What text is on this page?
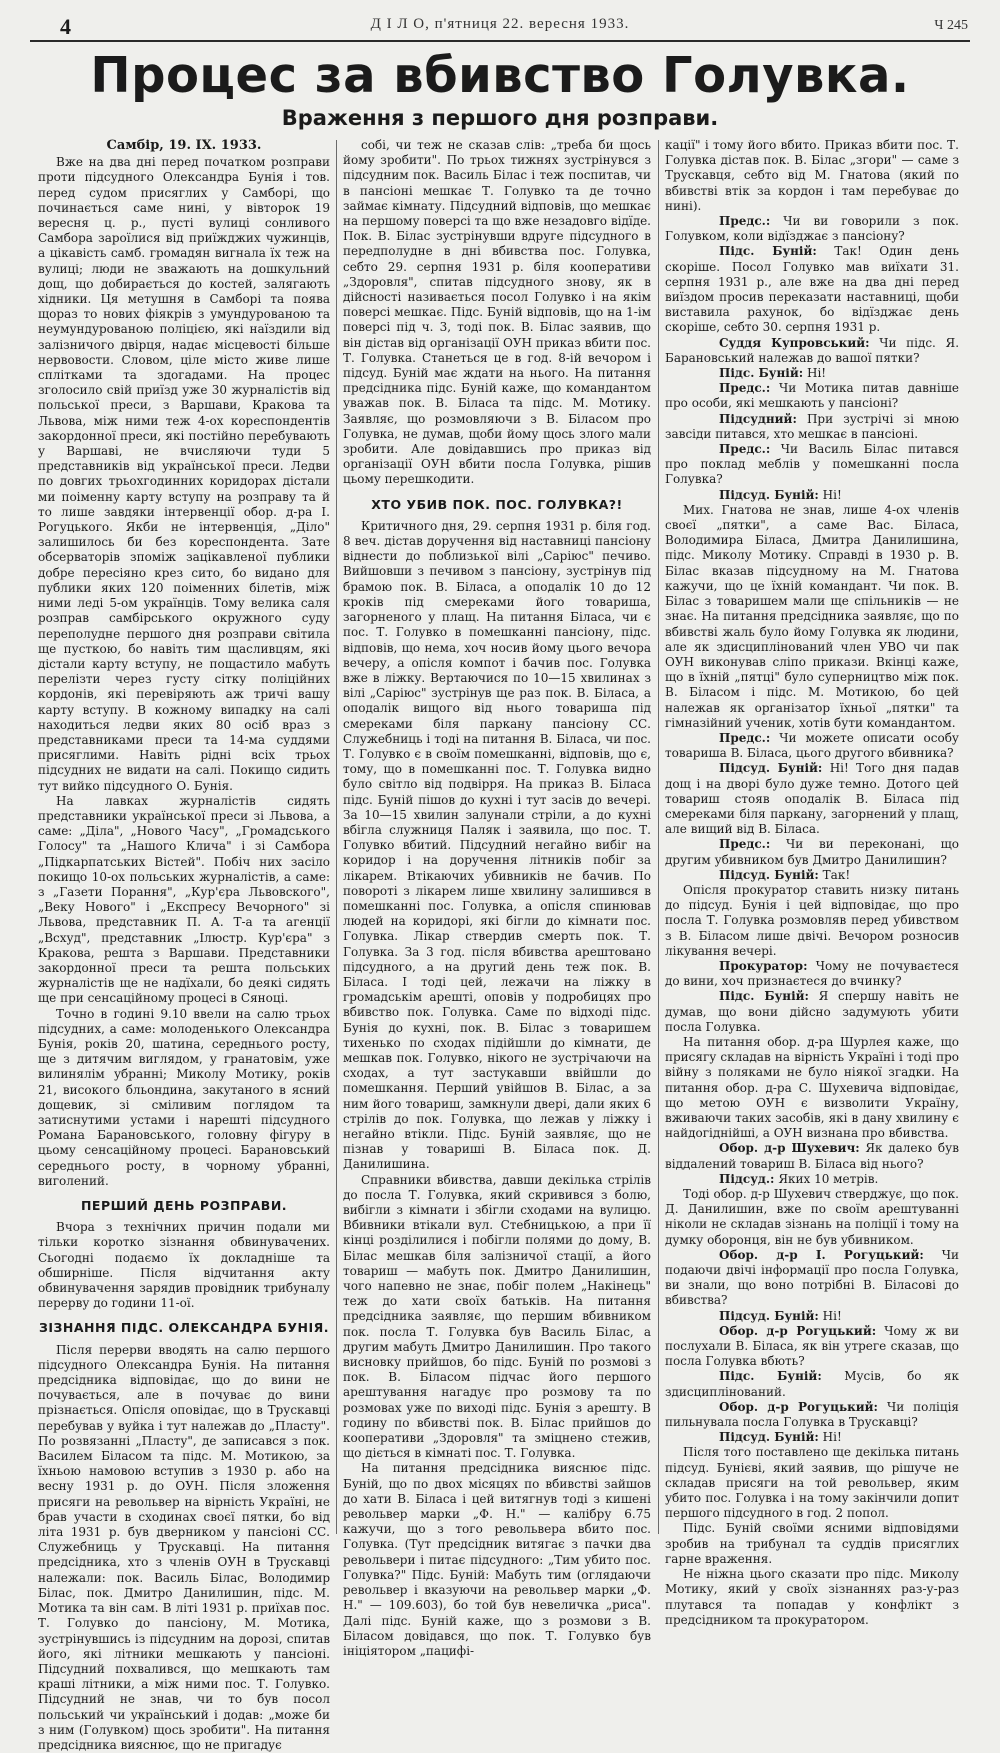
4	Д І Л О, п'ятниця 22. вересня 1933.	Ч 245
Процес за вбивство Голувка.
Враження з першого дня розправи.
Самбір, 19. IX. 1933.

Вже на два дні перед початком розправи проти підсудного Олександра Бунія і тов. перед судом присяглих у Самборі, що починається саме нині, у вівторок 19 вересня ц. р., пусті вулиці сонливого Самбора зароїлися від приїжджих чужинців, а цікавість самб. громадян вигнала їх теж на вулиці; люди не зважають на дошкульний дощ, що добирається до костей, залягають хідники. Ця метушня в Самборі та поява щораз то нових фіякрів з умундурованою та неумундурованою поліцією, які наїздили від залізничого двірця, надає місцевості більше нервовости. Словом, ціле місто живе лише сплітками та здогадами. На процес зголосило свій приїзд уже 30 журналістів від польської преси, з Варшави, Кракова та Львова, між ними теж 4-ох кореспондентів закордонної преси, які постійно перебувають у Варшаві, не вчисляючи туди 5 представників від української преси. Ледви по довгих трьохгодинних коридорах дістали ми поіменну карту вступу на розправу та й то лише завдяки інтервенції обор. д-ра І. Рогуцького. Якби не інтервенція, „Діло" залишилось би без кореспондента. Зате обсерваторів зпоміж зацікавленої публики добре пересіяно крез сито, бо видано для публики яких 120 поіменних білетів, між ними леді 5-ом українців. Тому велика саля розправ самбірського окружного суду переполудне першого дня розправи світила ще пусткою, бо навіть тим щасливцям, які дістали карту вступу, не пощастило мабуть перелізти через густу сітку поліційних кордонів, які перевіряють аж тричі вашу карту вступу. В кожному випадку на салі находиться ледви яких 80 осіб враз з представниками преси та 14-ма суддями присяглими. Навіть рідні всіх трьох підсудних не видати на салі. Покищо сидить тут вийко підсудного О. Бунія.

На лавках журналістів сидять представники української преси зі Львова, а саме: „Діла", „Нового Часу", „Громадського Голосу" та „Нашого Клича" і зі Самбора „Підкарпатських Вістей". Побіч них засіло покищо 10-ох польських журналістів, а саме: з „Газети Порання", „Кур'єра Львовского", „Веку Нового" і „Експресу Вечорного" зі Львова, представник П. А. Т-а та агенції „Всхуд", представник „Ілюстр. Кур'єра" з Кракова, решта з Варшави. Представники закордонної преси та решта польських журналістів ще не надїхали, бо деякі сидять ще при сенсаційному процесі в Сяноці.

Точно в годині 9.10 ввели на салю трьох підсудних, а саме: молоденького Олександра Бунія, років 20, шатина, середнього росту, ще з дитячим виглядом, у гранатовім, уже вилинялім убранні; Миколу Мотику, років 21, високого бльондина, закутаного в ясний дощевик, зі сміливим поглядом та затиснутими устами і нарешті підсудного Романа Барановського, головну фігуру в цьому сенсаційному процесі. Барановський середнього росту, в чорному убранні, виголений.

ПЕРШИЙ ДЕНЬ РОЗПРАВИ.

Вчора з технічних причин подали ми тільки коротко зізнання обвинувачених. Сьогодні подаємо їх докладніше та обширніше. Після відчитання акту обвинувачення зарядив провідник трибуналу перерву до години 11-ої.

ЗІЗНАННЯ ПІДС. ОЛЕКСАНДРА БУНІЯ.

Після перерви вводять на салю першого підсудного Олександра Бунія. На питання предсідника відповідає, що до вини не почувається, але в почуває до вини прізнається. Опісля оповідає, що в Трускавці перебував у вуйка і тут належав до „Пласту". По розвязанні „Пласту", де записався з пок. Василем Біласом та підс. М. Мотикою, за їхньою намовою вступив з 1930 р. або на весну 1931 р. до ОУН. Після зложення присяги на револьвер на вірність Україні, не брав участи в сходинах своєї пятки, бо від літа 1931 р. був дверником у пансіоні СС. Служебниць у Трускавці. На питання предсідника, хто з членів ОУН в Трускавці належали: пок. Василь Білас, Володимир Білас, пок. Дмитро Данилишин, підс. М. Мотика та він сам. В літі 1931 р. приїхав пос. Т. Голувко до пансіону, М. Мотика, зустрінувшись із підсудним на дорозі, спитав його, які літники мешкають у пансіоні. Підсудний похвалився, що мешкають там краші літники, а між ними пос. Т. Голувко. Підсудний не знав, чи то був посол польський чи український і додав: „може би з ним (Голувком) щось зробити". На питання предсідника вияснює, що не пригадує

собі, чи теж не сказав слів: „треба би щось йому зробити". По трьох тижнях зустрінувся з підсудним пок. Василь Білас і теж поспитав, чи в пансіоні мешкає Т. Голувко та де точно займає кімнату. Підсудний відповів, що мешкає на першому поверсі та що вже незадовго відїде. Пок. В. Білас зустрінувши вдруге підсудного в передполудне в дні вбивства пос. Голувка, себто 29. серпня 1931 р. біля кооперативи „Здоровля", спитав підсудного знову, як в дійсності називається посол Голувко і на якім поверсі мешкає. Підс. Буній відповів, що на 1-ім поверсі під ч. 3, тоді пок. В. Білас заявив, що він дістав від організації ОУН приказ вбити пос. Т. Голувка. Станеться це в год. 8-ій вечором і підсуд. Буній має ждати на нього. На питання предсідника підс. Буній каже, що командантом уважав пок. В. Біласа та підс. М. Мотику. Заявляє, що розмовляючи з В. Біласом про Голувка, не думав, щоби йому щось злого мали зробити. Але довідавшись про приказ від організації ОУН вбити посла Голувка, рішив цьому перешкодити.

ХТО УБИВ ПОК. ПОС. ГОЛУВКА?!

Критичного дня, 29. серпня 1931 р. біля год. 8 веч. дістав доручення від наставниці пансіону віднести до поблизької вілі „Саріюс" печиво. Вийшовши з печивом з пансіону, зустрінув під брамою пок. В. Біласа, а оподалік 10 до 12 кроків під смереками його товариша, загорненого у плащ. На питання Біласа, чи є пос. Т. Голувко в помешканні пансіону, підс. відповів, що нема, хоч носив йому цього вечора вечеру, а опісля компот і бачив пос. Голувка вже в ліжку. Вертаючися по 10—15 хвилинах з вілі „Саріюс" зустрінув ще раз пок. В. Біласа, а оподалік вищого від нього товариша під смереками біля паркану пансіону СС. Служебниць і тоді на питання В. Біласа, чи пос. Т. Голувко є в своїм помешканні, відповів, що є, тому, що в помешканні пос. Т. Голувка видно було світло від подвірря. На приказ В. Біласа підс. Буній пішов до кухні і тут засів до вечері. За 10—15 хвилин залунали стріли, а до кухні вбігла служниця Паляк і заявила, що пос. Т. Голувко вбитий. Підсудний негайно вибіг на коридор і на доручення літників побіг за лікарем. Втікаючих убивників не бачив. По повороті з лікарем лише хвилину залишився в помешканні пос. Голувка, а опісля спинював людей на коридорі, які бігли до кімнати пос. Голувка. Лікар ствердив смерть пок. Т. Голувка. За 3 год. після вбивства арештовано підсудного, а на другий день теж пок. В. Біласа. І тоді цей, лежачи на ліжку в громадськім арешті, оповів у подробицях про вбивство пок. Голувка. Саме по відході підс. Бунія до кухні, пок. В. Білас з товаришем тихенько по сходах підійшли до кімнати, де мешкав пок. Голувко, нікого не зустрічаючи на сходах, а тут застукавши ввійшли до помешкання. Перший увійшов В. Білас, а за ним його товариш, замкнули двері, дали яких 6 стрілів до пок. Голувка, що лежав у ліжку і негайно втікли. Підс. Буній заявляє, що не пізнав у товариші В. Біласа пок. Д. Данилишина.

Справники вбивства, давши декілька стрілів до посла Т. Голувка, який скривився з болю, вибігли з кімнати і збігли сходами на вулицю. Вбивники втікали вул. Стебницькою, а при її кінці розділилися і побігли полями до дому, В. Білас мешкав біля залізничої стації, а його товариш — мабуть пок. Дмитро Данилишин, чого напевно не знає, побіг полем „Накінець" теж до хати своїх батьків. На питання предсідника заявляє, що першим вбивником пок. посла Т. Голувка був Василь Білас, а другим мабуть Дмитро Данилишин. Про такого висновку прийшов, бо підс. Буній по розмові з пок. В. Біласом підчас його першого арештування нагадує про розмову та по розмовах уже по виході підс. Бунія з арешту. В годину по вбивстві пок. В. Білас прийшов до кооперативи „Здоровля" та зміцнено стежив, що діється в кімнаті пос. Т. Голувка.

На питання предсідника вияснює підс. Буній, що по двох місяцях по вбивстві зайшов до хати В. Біласа і цей витягнув тоді з кишені револьвер марки „Ф. Н." — калібру 6.75 кажучи, що з того револьвера вбито пос. Голувка. (Тут предсідник витягає з пачки два револьвери і питає підсудного: „Тим убито пос. Голувка?" Підс. Буній: Мабуть тим (оглядаючи револьвер і вказуючи на револьвер марки „Ф. Н." — 109.603), бо той був невеличка „риса". Далі підс. Буній каже, що з розмови з В. Біласом довідався, що пок. Т. Голувко був ініціятором „пацифі-

кації" і тому його вбито. Приказ вбити пос. Т. Голувка дістав пок. В. Білас „згори" — саме з Трускавця, себто від М. Гнатова (який по вбивстві втік за кордон і там перебуває до нині).

Предс.: Чи ви говорили з пок. Голувком, коли відїзджає з пансіону?

Підс. Буній: Так! Один день скоріше. Посол Голувко мав виїхати 31. серпня 1931 р., але вже на два дні перед виїздом просив переказати наставниці, щоби виставила рахунок, бо відїзджає день скоріше, себто 30. серпня 1931 р.

Суддя Купровський: Чи підс. Я. Барановський належав до вашої пятки?

Підс. Буній: Ні!

Предс.: Чи Мотика питав давніше про особи, які мешкають у пансіоні?

Підсудний: При зустрічі зі мною завсіди питався, хто мешкає в пансіоні.

Предс.: Чи Василь Білас питався про поклад меблів у помешканні посла Голувка?

Підсуд. Буній: Ні!

Миx. Гнатова не знав, лише 4-ох членів своєї „пятки", а саме Вас. Біласа, Володимира Біласа, Дмитра Данилишина, підс. Миколу Мотику. Справді в 1930 р. В. Білас вказав підсудному на М. Гнатова кажучи, що це їхній командант. Чи пок. В. Білас з товаришем мали ще спільників — не знає. На питання предсідника заявляє, що по вбивстві жаль було йому Голувка як людини, але як здисциплінований член УВО чи пак ОУН виконував сліпо прикази. Вкінці каже, що в їхній „пятці" було суперництво між пок. В. Біласом і підс. М. Мотикою, бо цей належав як організатор їхньої „пятки" та гімназійний ученик, хотів бути командантом.

Предс.: Чи можете описати особу товариша В. Біласа, цього другого вбивника?

Підсуд. Буній: Ні! Того дня падав дощ і на дворі було дуже темно. Дотого цей товариш стояв оподалік В. Біласа під смереками біля паркану, загорнений у плащ, але вищий від В. Біласа.

Предс.: Чи ви переконані, що другим убивником був Дмитро Данилишин?

Підсуд. Буній: Так!

Опісля прокуратор ставить низку питань до підсуд. Бунія і цей відповідає, що про посла Т. Голувка розмовляв перед убивством з В. Біласом лише двічі. Вечором розносив лікування вечері.

Прокуратор: Чому не почуваєтеся до вини, хоч признаєтеся до вчинку?

Підс. Буній: Я спершу навіть не думав, що вони дійсно задумують убити посла Голувка.

На питання обор. д-ра Шурлея каже, що присягу складав на вірність Україні і тоді про війну з поляками не було ніякої згадки. На питання обор. д-ра С. Шухевича відповідає, що метою ОУН є визволити Україну, вживаючи таких засобів, які в дану хвилину є найдогіднійші, а ОУН визнана про вбивства.

Обор. д-р Шухевич: Як далеко був віддалений товариш В. Біласа від нього?

Підсуд.: Яких 10 метрів.

Тоді обор. д-р Шухевич стверджує, що пок. Д. Данилишин, вже по своїм арештуванні ніколи не складав зізнань на поліції і тому на думку оборонця, він не був убивником.

Обор. д-р І. Рогуцький: Чи подаючи двічі інформації про посла Голувка, ви знали, що воно потрібні В. Біласові до вбивства?

Підсуд. Буній: Ні!

Обор. д-р Рогуцький: Чому ж ви послухали В. Біласа, як він утреге сказав, що посла Голувка вбють?

Підс. Буній: Мусів, бо як здисциплінований.

Обор. д-р Рогуцький: Чи поліція пильнувала посла Голувка в Трускавці?

Підсуд. Буній: Ні!

Після того поставлено ще декілька питань підсуд. Бунієві, який заявив, що рішуче не складав присяги на той револьвер, яким убито пос. Голувка і на тому закінчили допит першого підсудного в год. 2 попол.

Підс. Буній своїми ясними відповідями зробив на трибунал та суддів присяглих гарне враження.

Не ніжна цього сказати про підс. Миколу Мотику, який у своїх зізнаннях раз-у-раз плутався та попадав у конфлікт з предсідником та прокуратором.
